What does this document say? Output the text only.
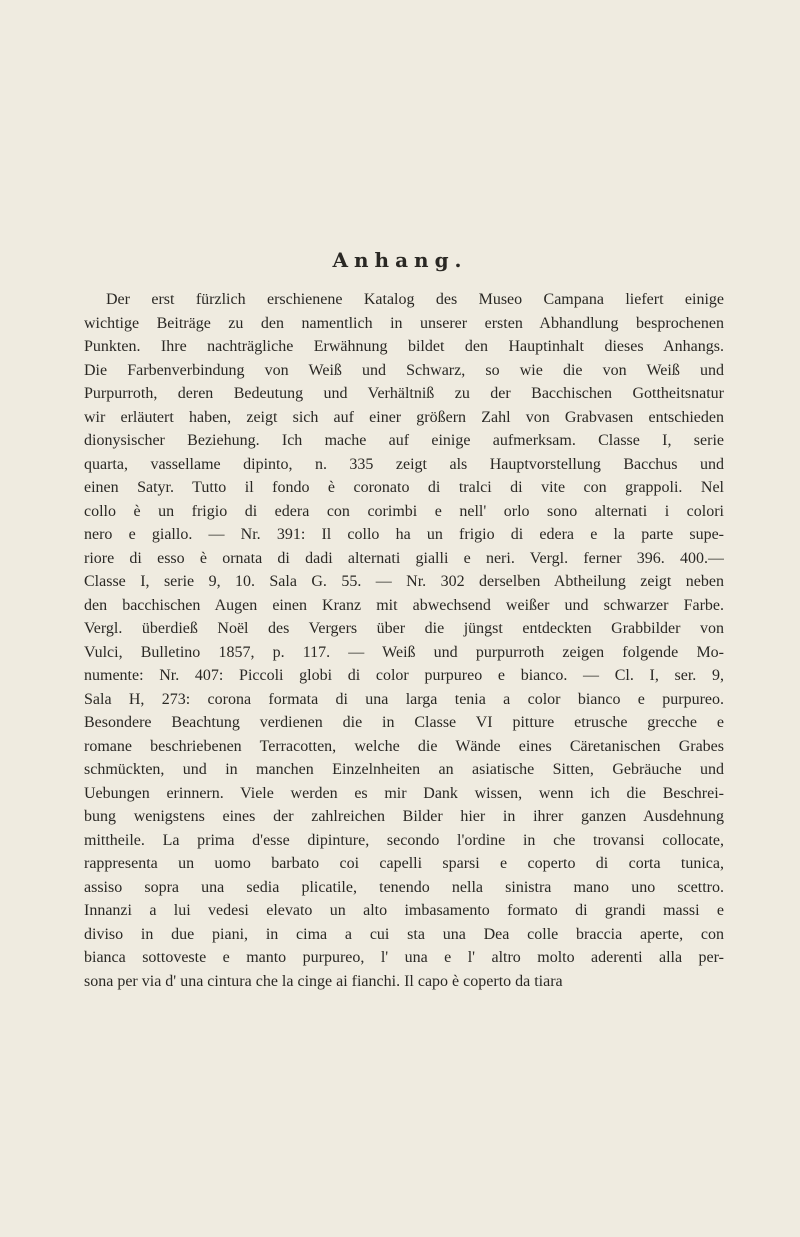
Anhang.
Der erst fürzlich erschienene Katalog des Museo Campana liefert einige
wichtige Beiträge zu den namentlich in unserer ersten Abhandlung besprochenen
Punkten. Ihre nachträgliche Erwähnung bildet den Hauptinhalt dieses Anhangs.
Die Farbenverbindung von Weiß und Schwarz, so wie die von Weiß und
Purpurroth, deren Bedeutung und Verhältniß zu der Bacchischen Gottheitsnatur
wir erläutert haben, zeigt sich auf einer größern Zahl von Grabvasen entschieden
dionysischer Beziehung. Ich mache auf einige aufmerksam. Classe I, serie
quarta, vassellame dipinto, n. 335 zeigt als Hauptvorstellung Bacchus und
einen Satyr. Tutto il fondo è coronato di tralci di vite con grappoli. Nel
collo è un frigio di edera con corimbi e nell' orlo sono alternati i colori
nero e giallo. — Nr. 391: Il collo ha un frigio di edera e la parte supe-
riore di esso è ornata di dadi alternati gialli e neri. Vergl. ferner 396. 400.—
Classe I, serie 9, 10. Sala G. 55. — Nr. 302 derselben Abtheilung zeigt neben
den bacchischen Augen einen Kranz mit abwechsend weißer und schwarzer Farbe.
Vergl. überdieß Noël des Vergers über die jüngst entdeckten Grabbilder von
Vulci, Bulletino 1857, p. 117. — Weiß und purpurroth zeigen folgende Mo-
numente: Nr. 407: Piccoli globi di color purpureo e bianco. — Cl. I, ser. 9,
Sala H, 273: corona formata di una larga tenia a color bianco e purpureo.
Besondere Beachtung verdienen die in Classe VI pitture etrusche grecche e
romane beschriebenen Terracotten, welche die Wände eines Cäretanischen Grabes
schmückten, und in manchen Einzelnheiten an asiatische Sitten, Gebräuche und
Uebungen erinnern. Viele werden es mir Dank wissen, wenn ich die Beschrei-
bung wenigstens eines der zahlreichen Bilder hier in ihrer ganzen Ausdehnung
mittheile. La prima d'esse dipinture, secondo l'ordine in che trovansi collocate,
rappresenta un uomo barbato coi capelli sparsi e coperto di corta tunica,
assiso sopra una sedia plicatile, tenendo nella sinistra mano uno scettro.
Innanzi a lui vedesi elevato un alto imbasamento formato di grandi massi e
diviso in due piani, in cima a cui sta una Dea colle braccia aperte, con
bianca sottoveste e manto purpureo, l' una e l' altro molto aderenti alla per-
sona per via d' una cintura che la cinge ai fianchi. Il capo è coperto da tiara
